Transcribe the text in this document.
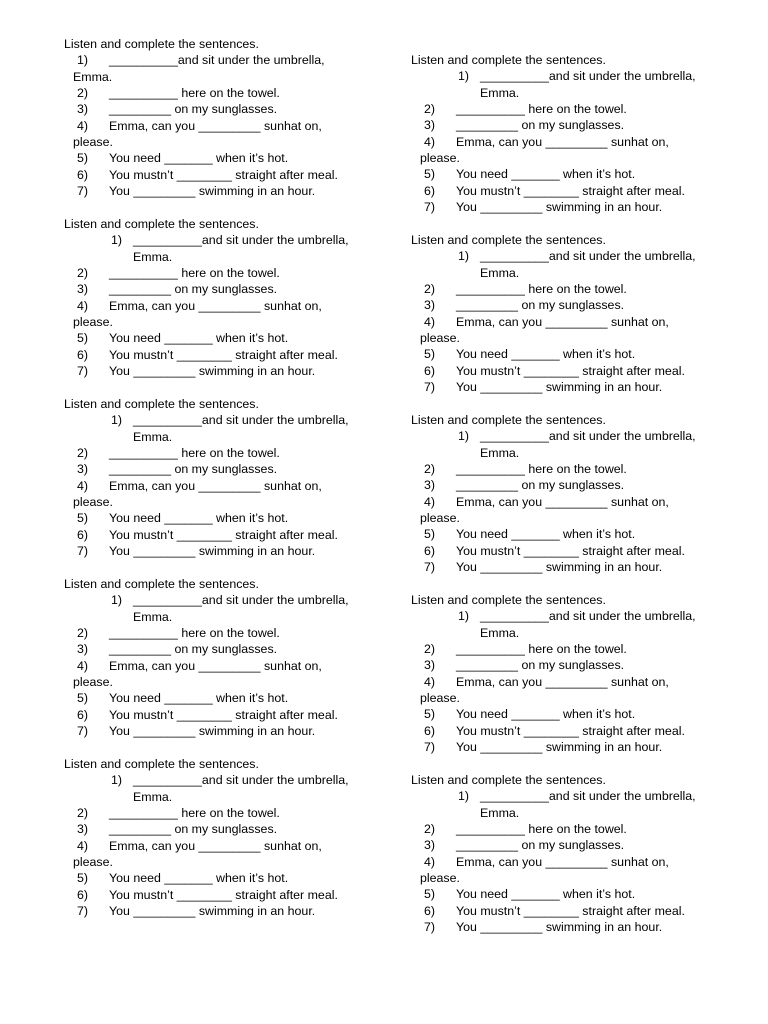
Listen and complete the sentences.
1) __________and sit under the umbrella,
Emma.
2) __________ here on the towel.
3) _________ on my sunglasses.
4) Emma, can you _________ sunhat on,
please.
5) You need _______ when it’s hot.
6) You mustn’t ________ straight after meal.
7) You _________ swimming in an hour.
Listen and complete the sentences.
1) __________and sit under the umbrella,
Emma.
2) __________ here on the towel.
3) _________ on my sunglasses.
4) Emma, can you _________ sunhat on,
please.
5) You need _______ when it’s hot.
6) You mustn’t ________ straight after meal.
7) You _________ swimming in an hour.
Listen and complete the sentences.
1) __________and sit under the umbrella,
Emma.
2) __________ here on the towel.
3) _________ on my sunglasses.
4) Emma, can you _________ sunhat on,
please.
5) You need _______ when it’s hot.
6) You mustn’t ________ straight after meal.
7) You _________ swimming in an hour.
Listen and complete the sentences.
1) __________and sit under the umbrella,
Emma.
2) __________ here on the towel.
3) _________ on my sunglasses.
4) Emma, can you _________ sunhat on,
please.
5) You need _______ when it’s hot.
6) You mustn’t ________ straight after meal.
7) You _________ swimming in an hour.
Listen and complete the sentences.
1) __________and sit under the umbrella,
Emma.
2) __________ here on the towel.
3) _________ on my sunglasses.
4) Emma, can you _________ sunhat on,
please.
5) You need _______ when it’s hot.
6) You mustn’t ________ straight after meal.
7) You _________ swimming in an hour.
Listen and complete the sentences.
1) __________and sit under the umbrella,
Emma.
2) __________ here on the towel.
3) _________ on my sunglasses.
4) Emma, can you _________ sunhat on,
please.
5) You need _______ when it’s hot.
6) You mustn’t ________ straight after meal.
7) You _________ swimming in an hour.
Listen and complete the sentences.
1) __________and sit under the umbrella,
Emma.
2) __________ here on the towel.
3) _________ on my sunglasses.
4) Emma, can you _________ sunhat on,
please.
5) You need _______ when it’s hot.
6) You mustn’t ________ straight after meal.
7) You _________ swimming in an hour.
Listen and complete the sentences.
1) __________and sit under the umbrella,
Emma.
2) __________ here on the towel.
3) _________ on my sunglasses.
4) Emma, can you _________ sunhat on,
please.
5) You need _______ when it’s hot.
6) You mustn’t ________ straight after meal.
7) You _________ swimming in an hour.
Listen and complete the sentences.
1) __________and sit under the umbrella,
Emma.
2) __________ here on the towel.
3) _________ on my sunglasses.
4) Emma, can you _________ sunhat on,
please.
5) You need _______ when it’s hot.
6) You mustn’t ________ straight after meal.
7) You _________ swimming in an hour.
Listen and complete the sentences.
1) __________and sit under the umbrella,
Emma.
2) __________ here on the towel.
3) _________ on my sunglasses.
4) Emma, can you _________ sunhat on,
please.
5) You need _______ when it’s hot.
6) You mustn’t ________ straight after meal.
7) You _________ swimming in an hour.
